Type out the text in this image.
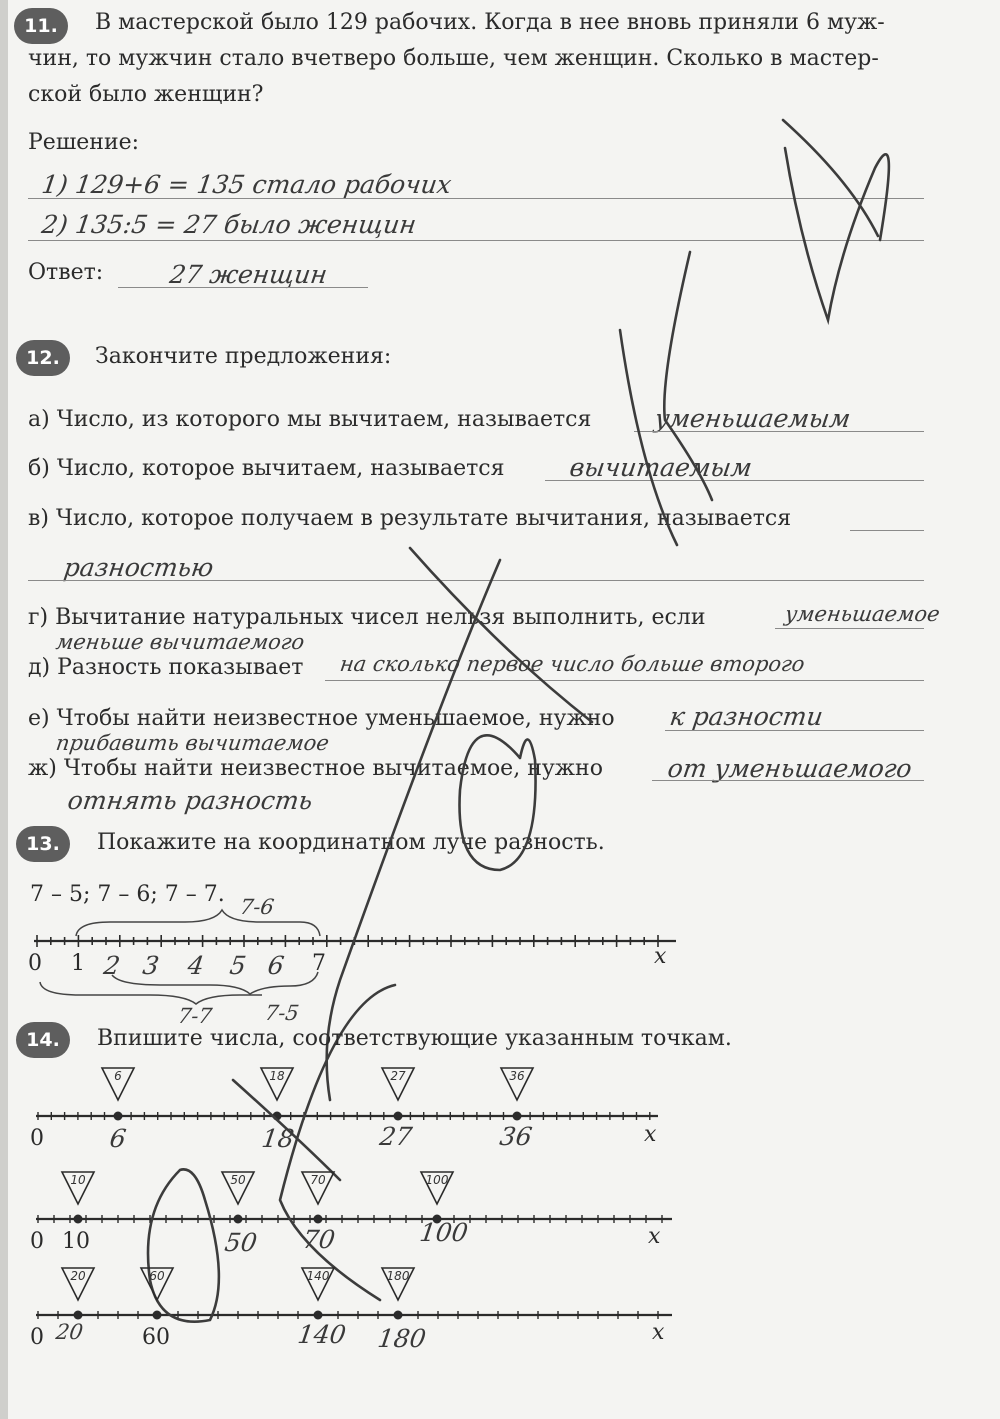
11.	В мастерской было 129 рабочих. Когда в нее вновь приняли 6 муж-
чин, то мужчин стало вчетверо больше, чем женщин. Сколько в мастер-
ской было женщин?
Решение:
1) 129+6 = 135 стало рабочих
2) 135:5 = 27 было женщин
Ответ:	27 женщин
12.	Закончите предложения:
а) Число, из которого мы вычитаем, называется уменьшаемым
б) Число, которое вычитаем, называется	вычитаемым
в) Число, которое получаем в результате вычитания, называется
разностью
г) Вычитание натуральных чисел нельзя выполнить, если	уменьшаемое
меньше вычитаемого
д) Разность показывает на сколько первое число больше второго
е) Чтобы найти неизвестное уменьшаемое, нужно к разности
прибавить вычитаемое
ж) Чтобы найти неизвестное вычитаемое, нужно	от уменьшаемого
отнять разность
13.	Покажите на координатном луче разность.
7 – 5; 7 – 6; 7 – 7.
0 1 2 3 4 5 6 7	x
7-6
7-7 7-5
14.	Впишите числа, соответствующие указанным точкам.
6	18	27	36
0	6	18	27	36	x
10	50	70	100
0 10	50 70	100	x
20	60	140	180
0 20	60	140 180	x
